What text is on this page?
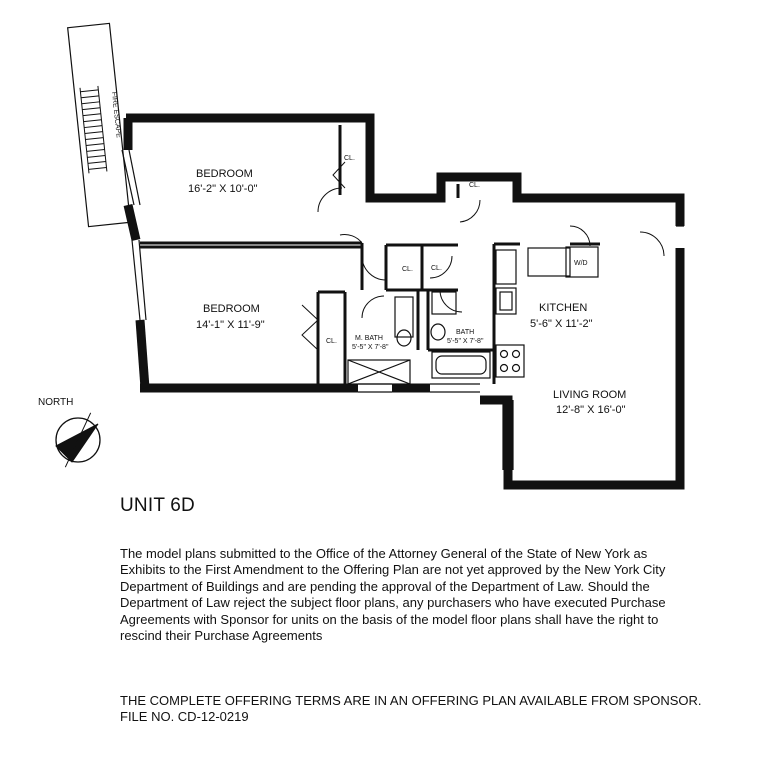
FIRE ESCAPE
BEDROOM
16'-2" X 10'-0"
BEDROOM
14'-1" X 11'-9"
M. BATH
5'-5" X 7'-8"
BATH
5'-5" X 7'-8"
KITCHEN
5'-6" X 11'-2"
LIVING ROOM
12'-8" X 16'-0"
CL.
CL.
CL.	CL.
CL.
W/D
NORTH
UNIT 6D

The model plans submitted to the Office of the Attorney General of the State of New York as Exhibits to the First Amendment to the Offering Plan are not yet approved by the New York City Department of Buildings and are pending the approval of the Department of Law. Should the Department of Law reject the subject floor plans, any purchasers who have executed Purchase Agreements with Sponsor for units on the basis of the model floor plans shall have the right to rescind their Purchase Agreements

THE COMPLETE OFFERING TERMS ARE IN AN OFFERING PLAN AVAILABLE FROM SPONSOR. FILE NO. CD-12-0219
